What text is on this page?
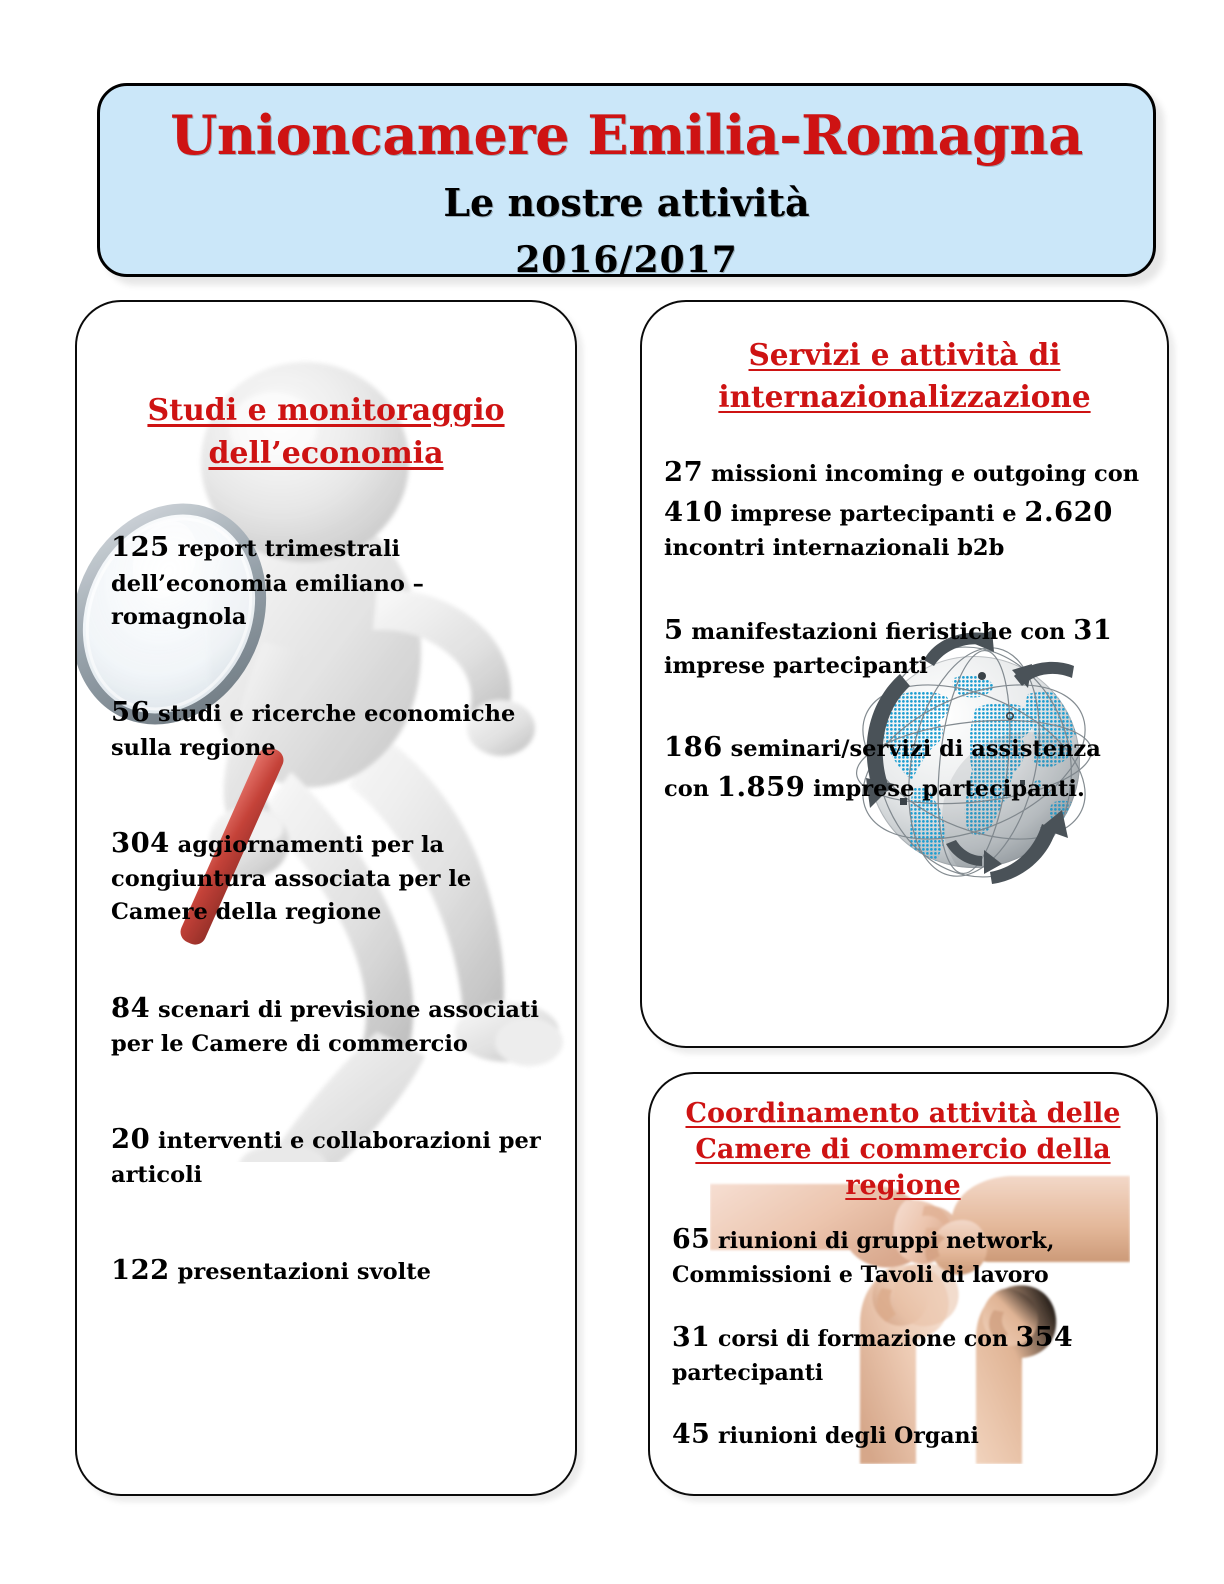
Unioncamere Emilia-Romagna
Le nostre attività
2016/2017
Studi e monitoraggio dell’economia
125 report trimestrali dell’economia emiliano – romagnola
56 studi e ricerche economiche sulla regione
304 aggiornamenti per la congiuntura associata per le Camere della regione
84 scenari di previsione associati per le Camere di commercio
20 interventi e collaborazioni per articoli
122 presentazioni svolte
Servizi e attività di internazionalizzazione
27 missioni incoming e outgoing con 410 imprese partecipanti e 2.620 incontri internazionali b2b
5 manifestazioni fieristiche con 31 imprese partecipanti
186 seminari/servizi di assistenza con 1.859 imprese partecipanti.
Coordinamento attività delle Camere di commercio della regione
65 riunioni di gruppi network, Commissioni e Tavoli di lavoro
31 corsi di formazione con 354 partecipanti
45 riunioni degli Organi
